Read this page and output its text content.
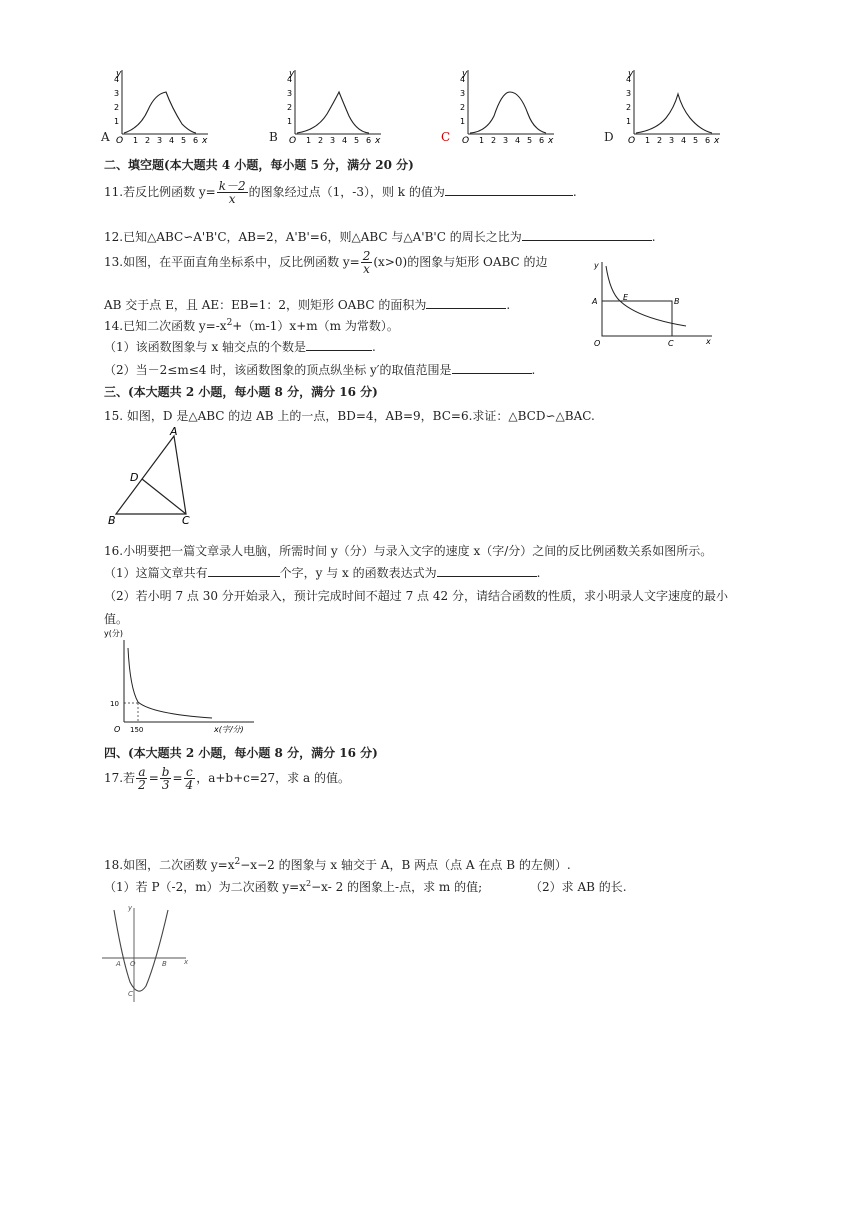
y
x
O
1
2
3
4
1 2 3 4 5 6
A
y
x
O
1
2
3
4
1 2 3 4 5 6
B
y
x
O
1
2
3
4
1 2 3 4 5 6
C
y
x
O
1
2
3
4
1 2 3 4 5 6
D
二、填空题(本大题共 4 小题，每小题 5 分，满分 20 分)
11.若反比例函数 $y= \frac{k-2}{x}$ 的图象经过点（1，-3），则 k 的值为	.
12.已知△ABC∽A'B'C，AB=2，A'B'=6，则△ABC 与△A'B'C 的周长之比为	.
13.如图，在平面直角坐标系中，反比例函数 $y= \frac{2}{x} (x>0)$的图象与矩形 OABC 的边
AB 交于点 E，且 AE：EB=1：2，则矩形 OABC 的面积为	.
y
x
A	E	B
O	C
14.已知二次函数 $y=-x^2+(m-1)x+m(m$ 为常数）。
（1）该函数图象与 x 轴交点的个数是	.
（2）当－2≤m≤4 时，该函数图象的顶点纵坐标 y′的取值范围是	.
三、(本大题共 2 小题，每小题 8 分，满分 16 分)
15. 如图，D 是△ABC 的边 AB 上的一点，BD=4，AB=9，BC=6.求证：△BCD∽△BAC.
A
D
B	C
16.小明要把一篇文章录人电脑，所需时间 y（分）与录入文字的速度 x（字/分）之间的反比例函数关系如图所示。
（1）这篇文章共有	个字，y 与 x 的函数表达式为	.
（2）若小明 7 点 30 分开始录入，预计完成时间不超过 7 点 42 分，请结合函数的性质，求小明录人文字速度的最小
值。
y(分)
x(字/分)
O
10
150
四、(本大题共 2 小题，每小题 8 分，满分 16 分)
17.若 $\frac{a}{2} = \frac{b}{3} = \frac{c}{4}$ ，a+b+c=27，求 a 的值。
18.如图，二次函数 $y=x^2-x-2$ 的图象与 x 轴交于 A，B 两点（点 A 在点 B 的左侧）.
（1）若 P（-2，m）为二次函数 $y=x^2-x-$ 2 的图象上-点，求 m 的值;	（2）求 AB 的长.
y
x
A O	B
C
